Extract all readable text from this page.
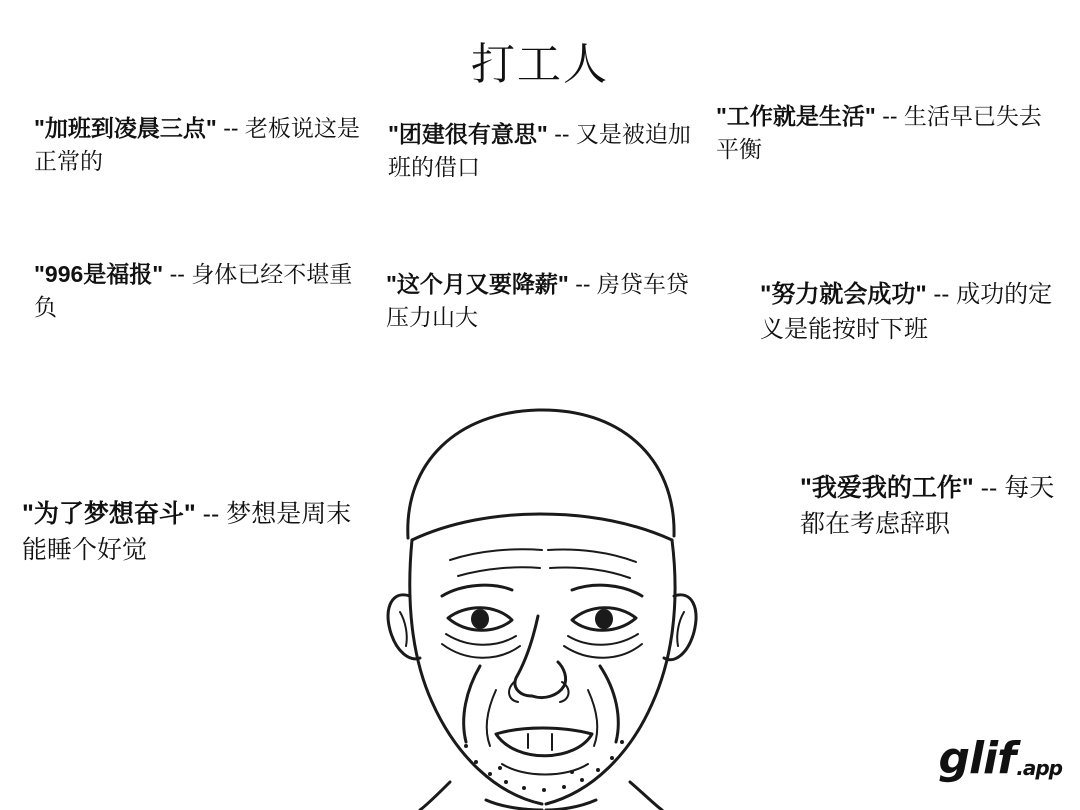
打工人
"加班到凌晨三点" -- 老板说这是正常的
"团建很有意思" -- 又是被迫加班的借口
"工作就是生活" -- 生活早已失去平衡
"996是福报" -- 身体已经不堪重负
"这个月又要降薪" -- 房贷车贷压力山大
"努力就会成功" -- 成功的定义是能按时下班
"为了梦想奋斗" -- 梦想是周末能睡个好觉
"我爱我的工作" -- 每天都在考虑辞职
glif .app
